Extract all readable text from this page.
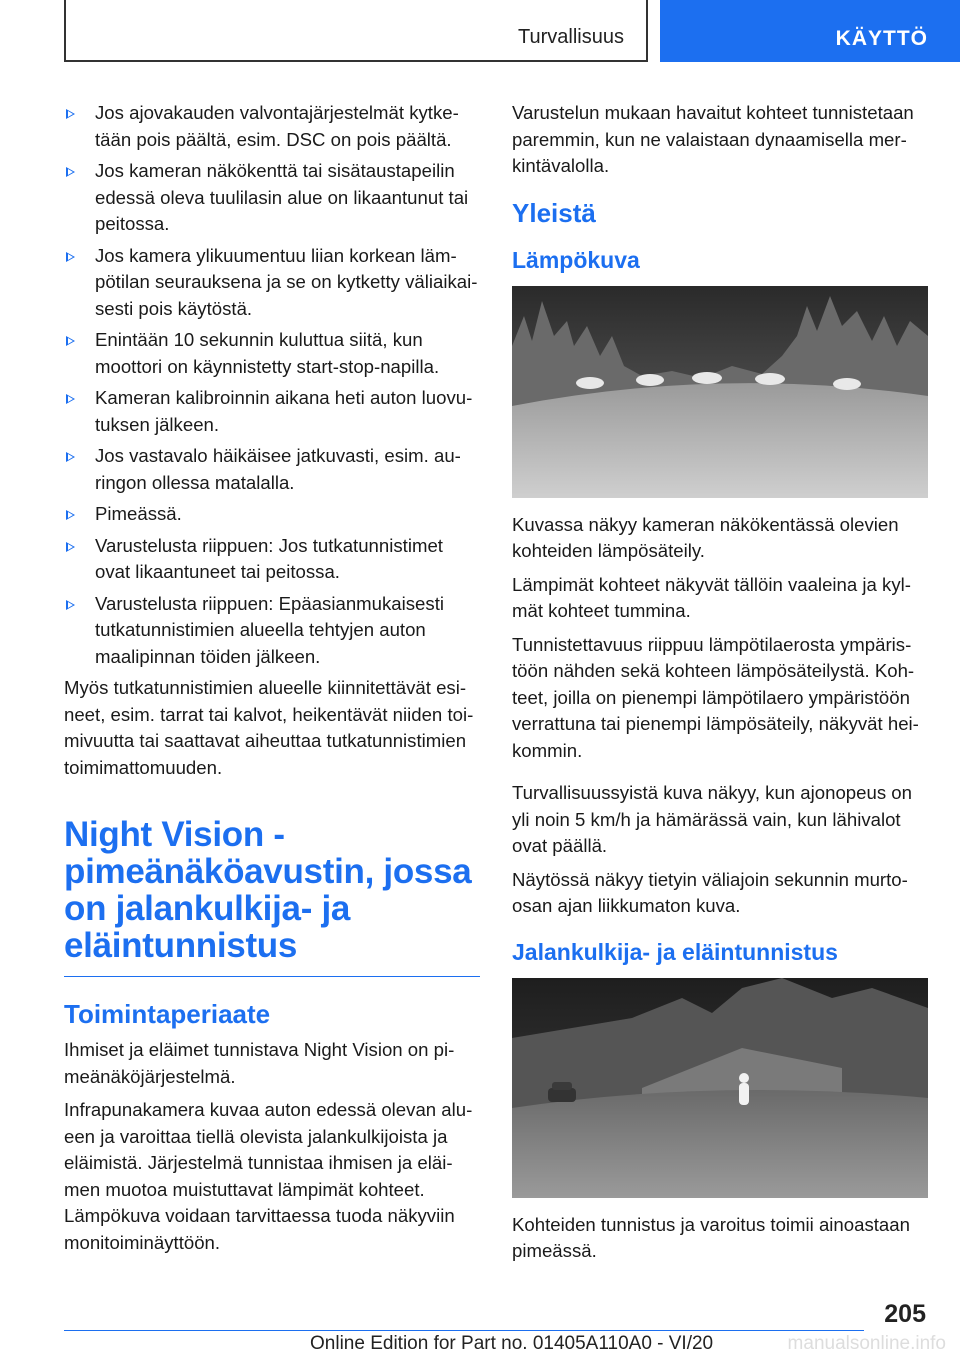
Turvallisuus	KÄYTTÖ
Jos ajovakauden valvontajärjestelmät kytketään pois päältä, esim. DSC on pois päältä.
Jos kameran näkökenttä tai sisätaustapeilin edessä oleva tuulilasin alue on likaantunut tai peitossa.
Jos kamera ylikuumentuu liian korkean lämpötilan seurauksena ja se on kytketty väliaikaisesti pois käytöstä.
Enintään 10 sekunnin kuluttua siitä, kun moottori on käynnistetty start-stop-napilla.
Kameran kalibroinnin aikana heti auton luovutuksen jälkeen.
Jos vastavalo häikäisee jatkuvasti, esim. auringon ollessa matalalla.
Pimeässä.
Varustelusta riippuen: Jos tutkatunnistimet ovat likaantuneet tai peitossa.
Varustelusta riippuen: Epäasianmukaisesti tutkatunnistimien alueella tehtyjen auton maalipinnan töiden jälkeen.

Myös tutkatunnistimien alueelle kiinnitettävät esineet, esim. tarrat tai kalvot, heikentävät niiden toimivuutta tai saattavat aiheuttaa tutkatunnistimien toimimattomuuden.

Night Vision - pimeänäköavustin, jossa on jalankulkija- ja eläintunnistus
Toimintaperiaate

Ihmiset ja eläimet tunnistava Night Vision on pimeänäköjärjestelmä.

Infrapunakamera kuvaa auton edessä olevan alueen ja varoittaa tiellä olevista jalankulkijoista ja eläimistä. Järjestelmä tunnistaa ihmisen ja eläimen muotoa muistuttavat lämpimät kohteet. Lämpökuva voidaan tarvittaessa tuoda näkyviin monitoiminäyttöön.

Varustelun mukaan havaitut kohteet tunnistetaan paremmin, kun ne valaistaan dynaamisella merkintävalolla.

Yleistä
Lämpökuva

Kuvassa näkyy kameran näkökentässä olevien kohteiden lämpösäteily.

Lämpimät kohteet näkyvät tällöin vaaleina ja kylmät kohteet tummina.

Tunnistettavuus riippuu lämpötilaerosta ympäristöön nähden sekä kohteen lämpösäteilystä. Kohteet, joilla on pienempi lämpötilaero ympäristöön verrattuna tai pienempi lämpösäteily, näkyvät heikommin.

Turvallisuussyistä kuva näkyy, kun ajonopeus on yli noin 5 km/h ja hämärässä vain, kun lähivalot ovat päällä.

Näytössä näkyy tietyin väliajoin sekunnin murtoosan ajan liikkumaton kuva.

Jalankulkija- ja eläintunnistus

Kohteiden tunnistus ja varoitus toimii ainoastaan pimeässä.

205
Online Edition for Part no. 01405A110A0 - VI/20	manualsonline.info
